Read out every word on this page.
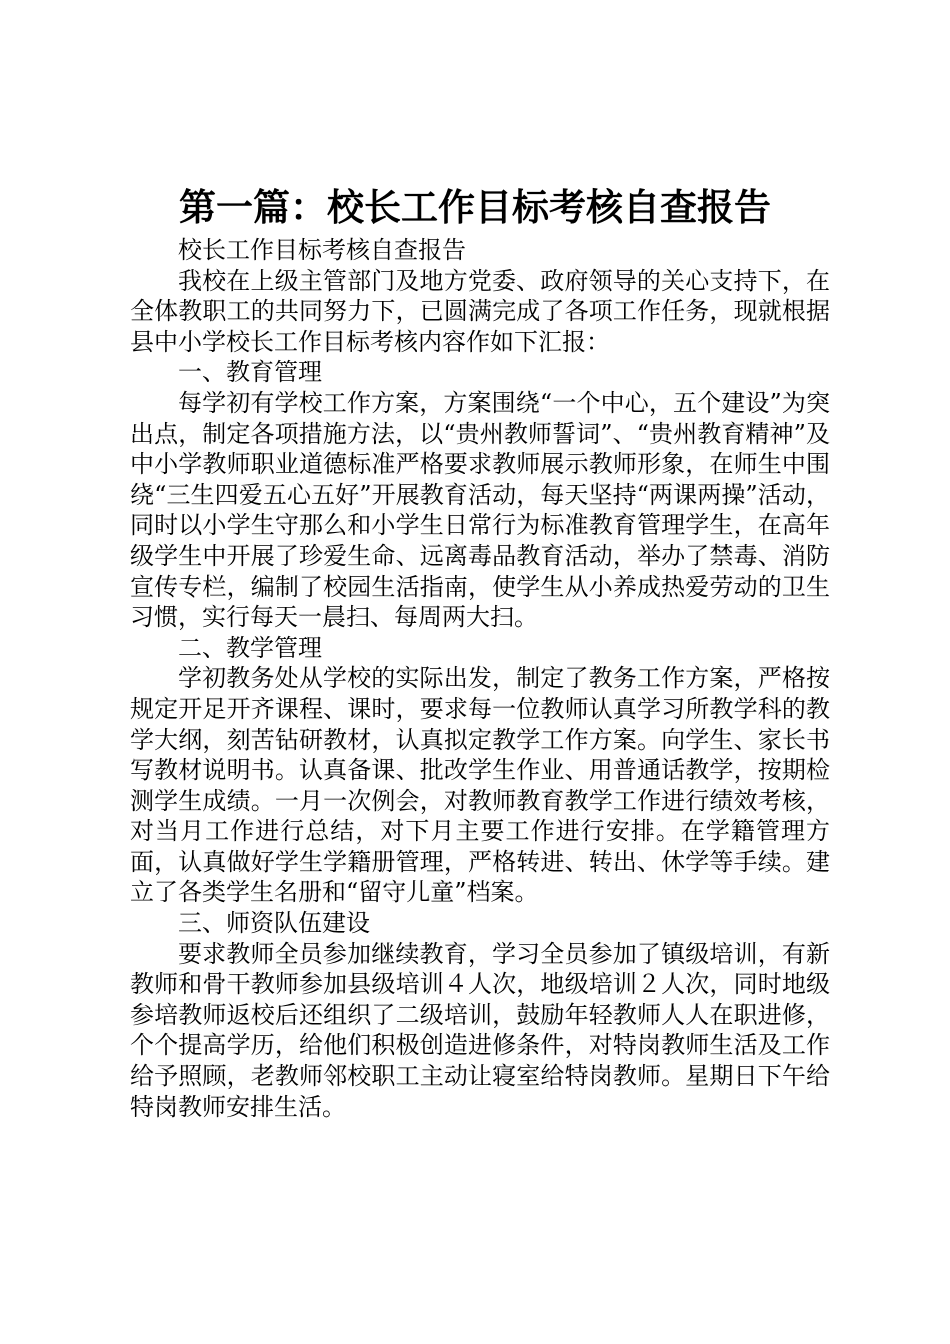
第一篇：校长工作目标考核自查报告

校长工作目标考核自查报告

我校在上级主管部门及地方党委、政府领导的关心支持下，在全体教职工的共同努力下，已圆满完成了各项工作任务，现就根据县中小学校长工作目标考核内容作如下汇报：

一、教育管理

每学初有学校工作方案，方案围绕“一个中心，五个建设”为突出点，制定各项措施方法，以“贵州教师誓词”、“贵州教育精神”及中小学教师职业道德标准严格要求教师展示教师形象，在师生中围绕“三生四爱五心五好”开展教育活动，每天坚持“两课两操”活动，同时以小学生守那么和小学生日常行为标准教育管理学生，在高年级学生中开展了珍爱生命、远离毒品教育活动，举办了禁毒、消防宣传专栏，编制了校园生活指南，使学生从小养成热爱劳动的卫生习惯，实行每天一晨扫、每周两大扫。

二、教学管理

学初教务处从学校的实际出发，制定了教务工作方案，严格按规定开足开齐课程、课时，要求每一位教师认真学习所教学科的教学大纲，刻苦钻研教材，认真拟定教学工作方案。向学生、家长书写教材说明书。认真备课、批改学生作业、用普通话教学，按期检测学生成绩。一月一次例会，对教师教育教学工作进行绩效考核，对当月工作进行总结，对下月主要工作进行安排。在学籍管理方面，认真做好学生学籍册管理，严格转进、转出、休学等手续。建立了各类学生名册和“留守儿童”档案。

三、师资队伍建设

要求教师全员参加继续教育，学习全员参加了镇级培训，有新教师和骨干教师参加县级培训４人次，地级培训２人次，同时地级参培教师返校后还组织了二级培训，鼓励年轻教师人人在职进修，个个提高学历，给他们积极创造进修条件，对特岗教师生活及工作给予照顾，老教师邻校职工主动让寝室给特岗教师。星期日下午给特岗教师安排生活。
